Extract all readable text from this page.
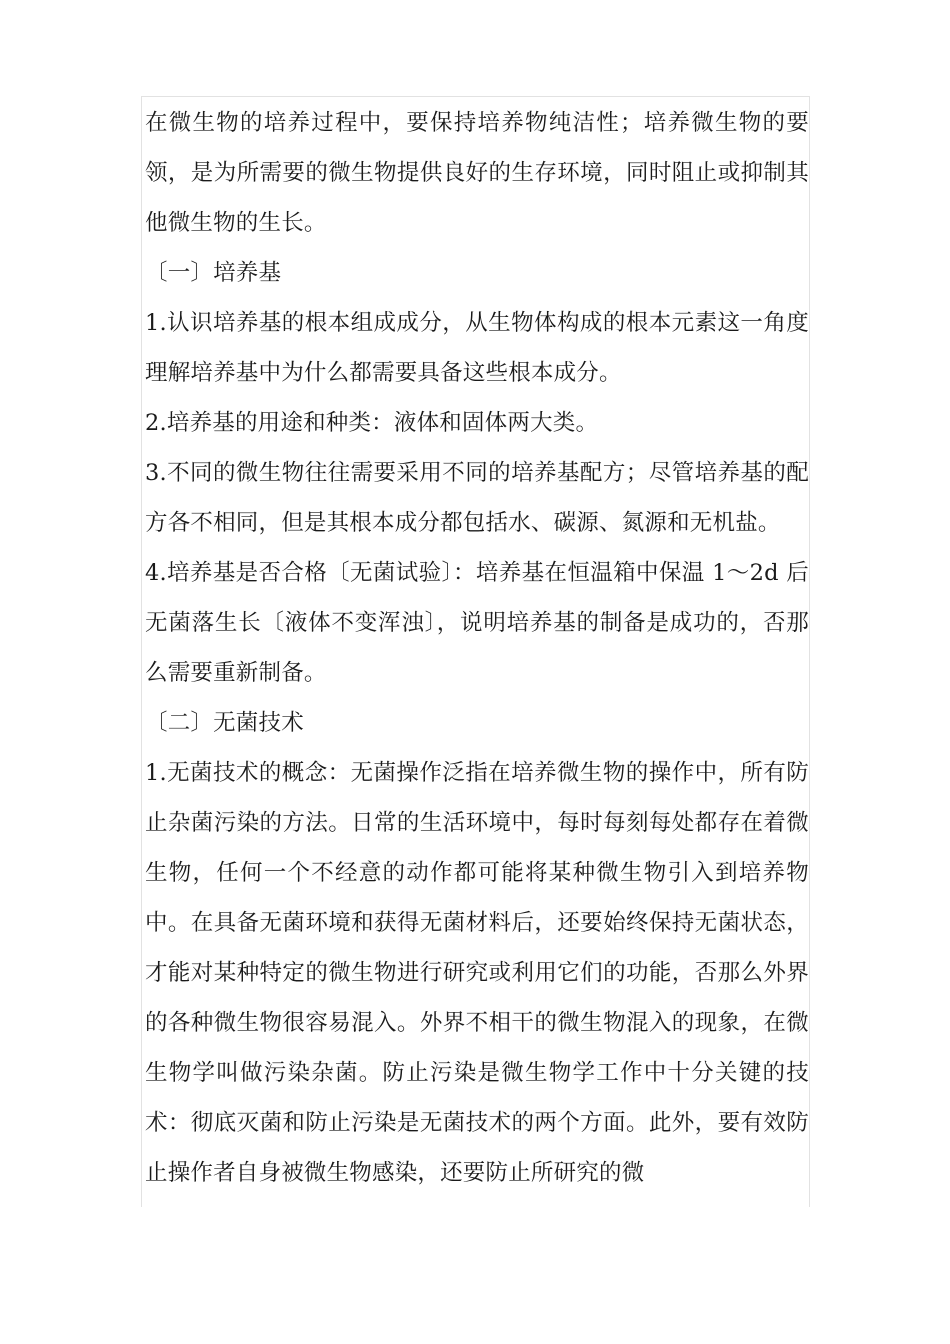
在微生物的培养过程中，要保持培养物纯洁性；培养微生物的要领，是为所需要的微生物提供良好的生存环境，同时阻止或抑制其他微生物的生长。

〔一〕培养基

1.认识培养基的根本组成成分，从生物体构成的根本元素这一角度理解培养基中为什么都需要具备这些根本成分。

2.培养基的用途和种类：液体和固体两大类。

3.不同的微生物往往需要采用不同的培养基配方；尽管培养基的配方各不相同，但是其根本成分都包括水、碳源、氮源和无机盐。

4.培养基是否合格〔无菌试验〕：培养基在恒温箱中保温 1～2d 后无菌落生长〔液体不变浑浊〕，说明培养基的制备是成功的，否那么需要重新制备。

〔二〕无菌技术

1.无菌技术的概念：无菌操作泛指在培养微生物的操作中，所有防止杂菌污染的方法。日常的生活环境中，每时每刻每处都存在着微生物，任何一个不经意的动作都可能将某种微生物引入到培养物中。在具备无菌环境和获得无菌材料后，还要始终保持无菌状态，才能对某种特定的微生物进行研究或利用它们的功能，否那么外界的各种微生物很容易混入。外界不相干的微生物混入的现象，在微生物学叫做污染杂菌。防止污染是微生物学工作中十分关键的技术：彻底灭菌和防止污染是无菌技术的两个方面。此外，要有效防止操作者自身被微生物感染，还要防止所研究的微
